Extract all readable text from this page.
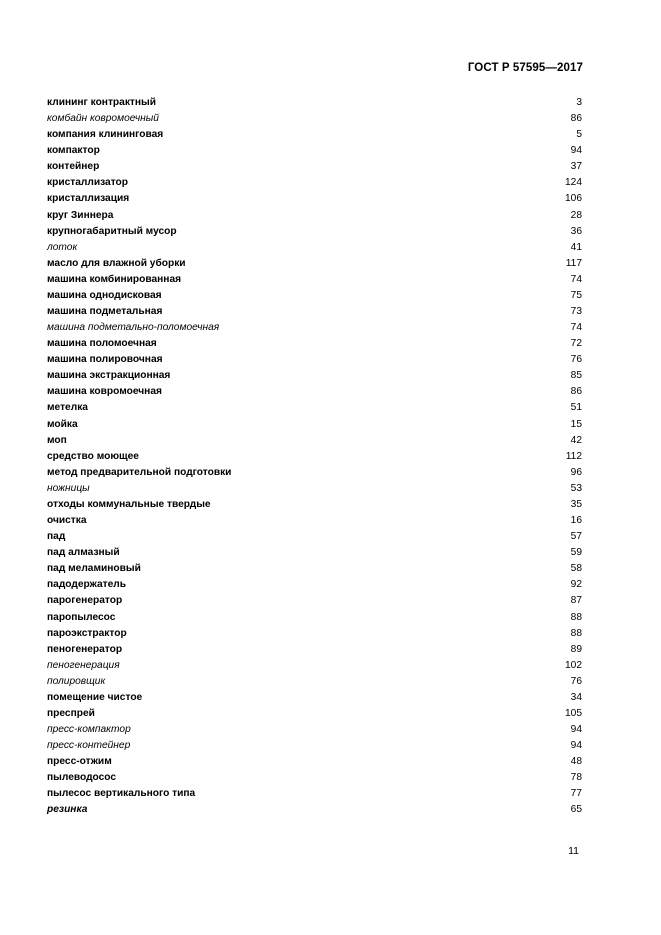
ГОСТ Р 57595—2017
клининг контрактный	3
комбайн ковромоечный	86
компания клининговая	5
компактор	94
контейнер	37
кристаллизатор	124
кристаллизация	106
круг Зиннера	28
крупногабаритный мусор	36
лоток	41
масло для влажной уборки	117
машина комбинированная	74
машина однодисковая	75
машина подметальная	73
машина подметально-поломоечная	74
машина поломоечная	72
машина полировочная	76
машина экстракционная	85
машина ковромоечная	86
метелка	51
мойка	15
моп	42
средство моющее	112
метод предварительной подготовки	96
ножницы	53
отходы коммунальные твердые	35
очистка	16
пад	57
пад алмазный	59
пад меламиновый	58
падодержатель	92
парогенератор	87
паропылесос	88
пароэкстрактор	88
пеногенератор	89
пеногенерация	102
полировщик	76
помещение чистое	34
преспрей	105
пресс-компактор	94
пресс-контейнер	94
пресс-отжим	48
пылеводосос	78
пылесос вертикального типа	77
резинка	65
11
